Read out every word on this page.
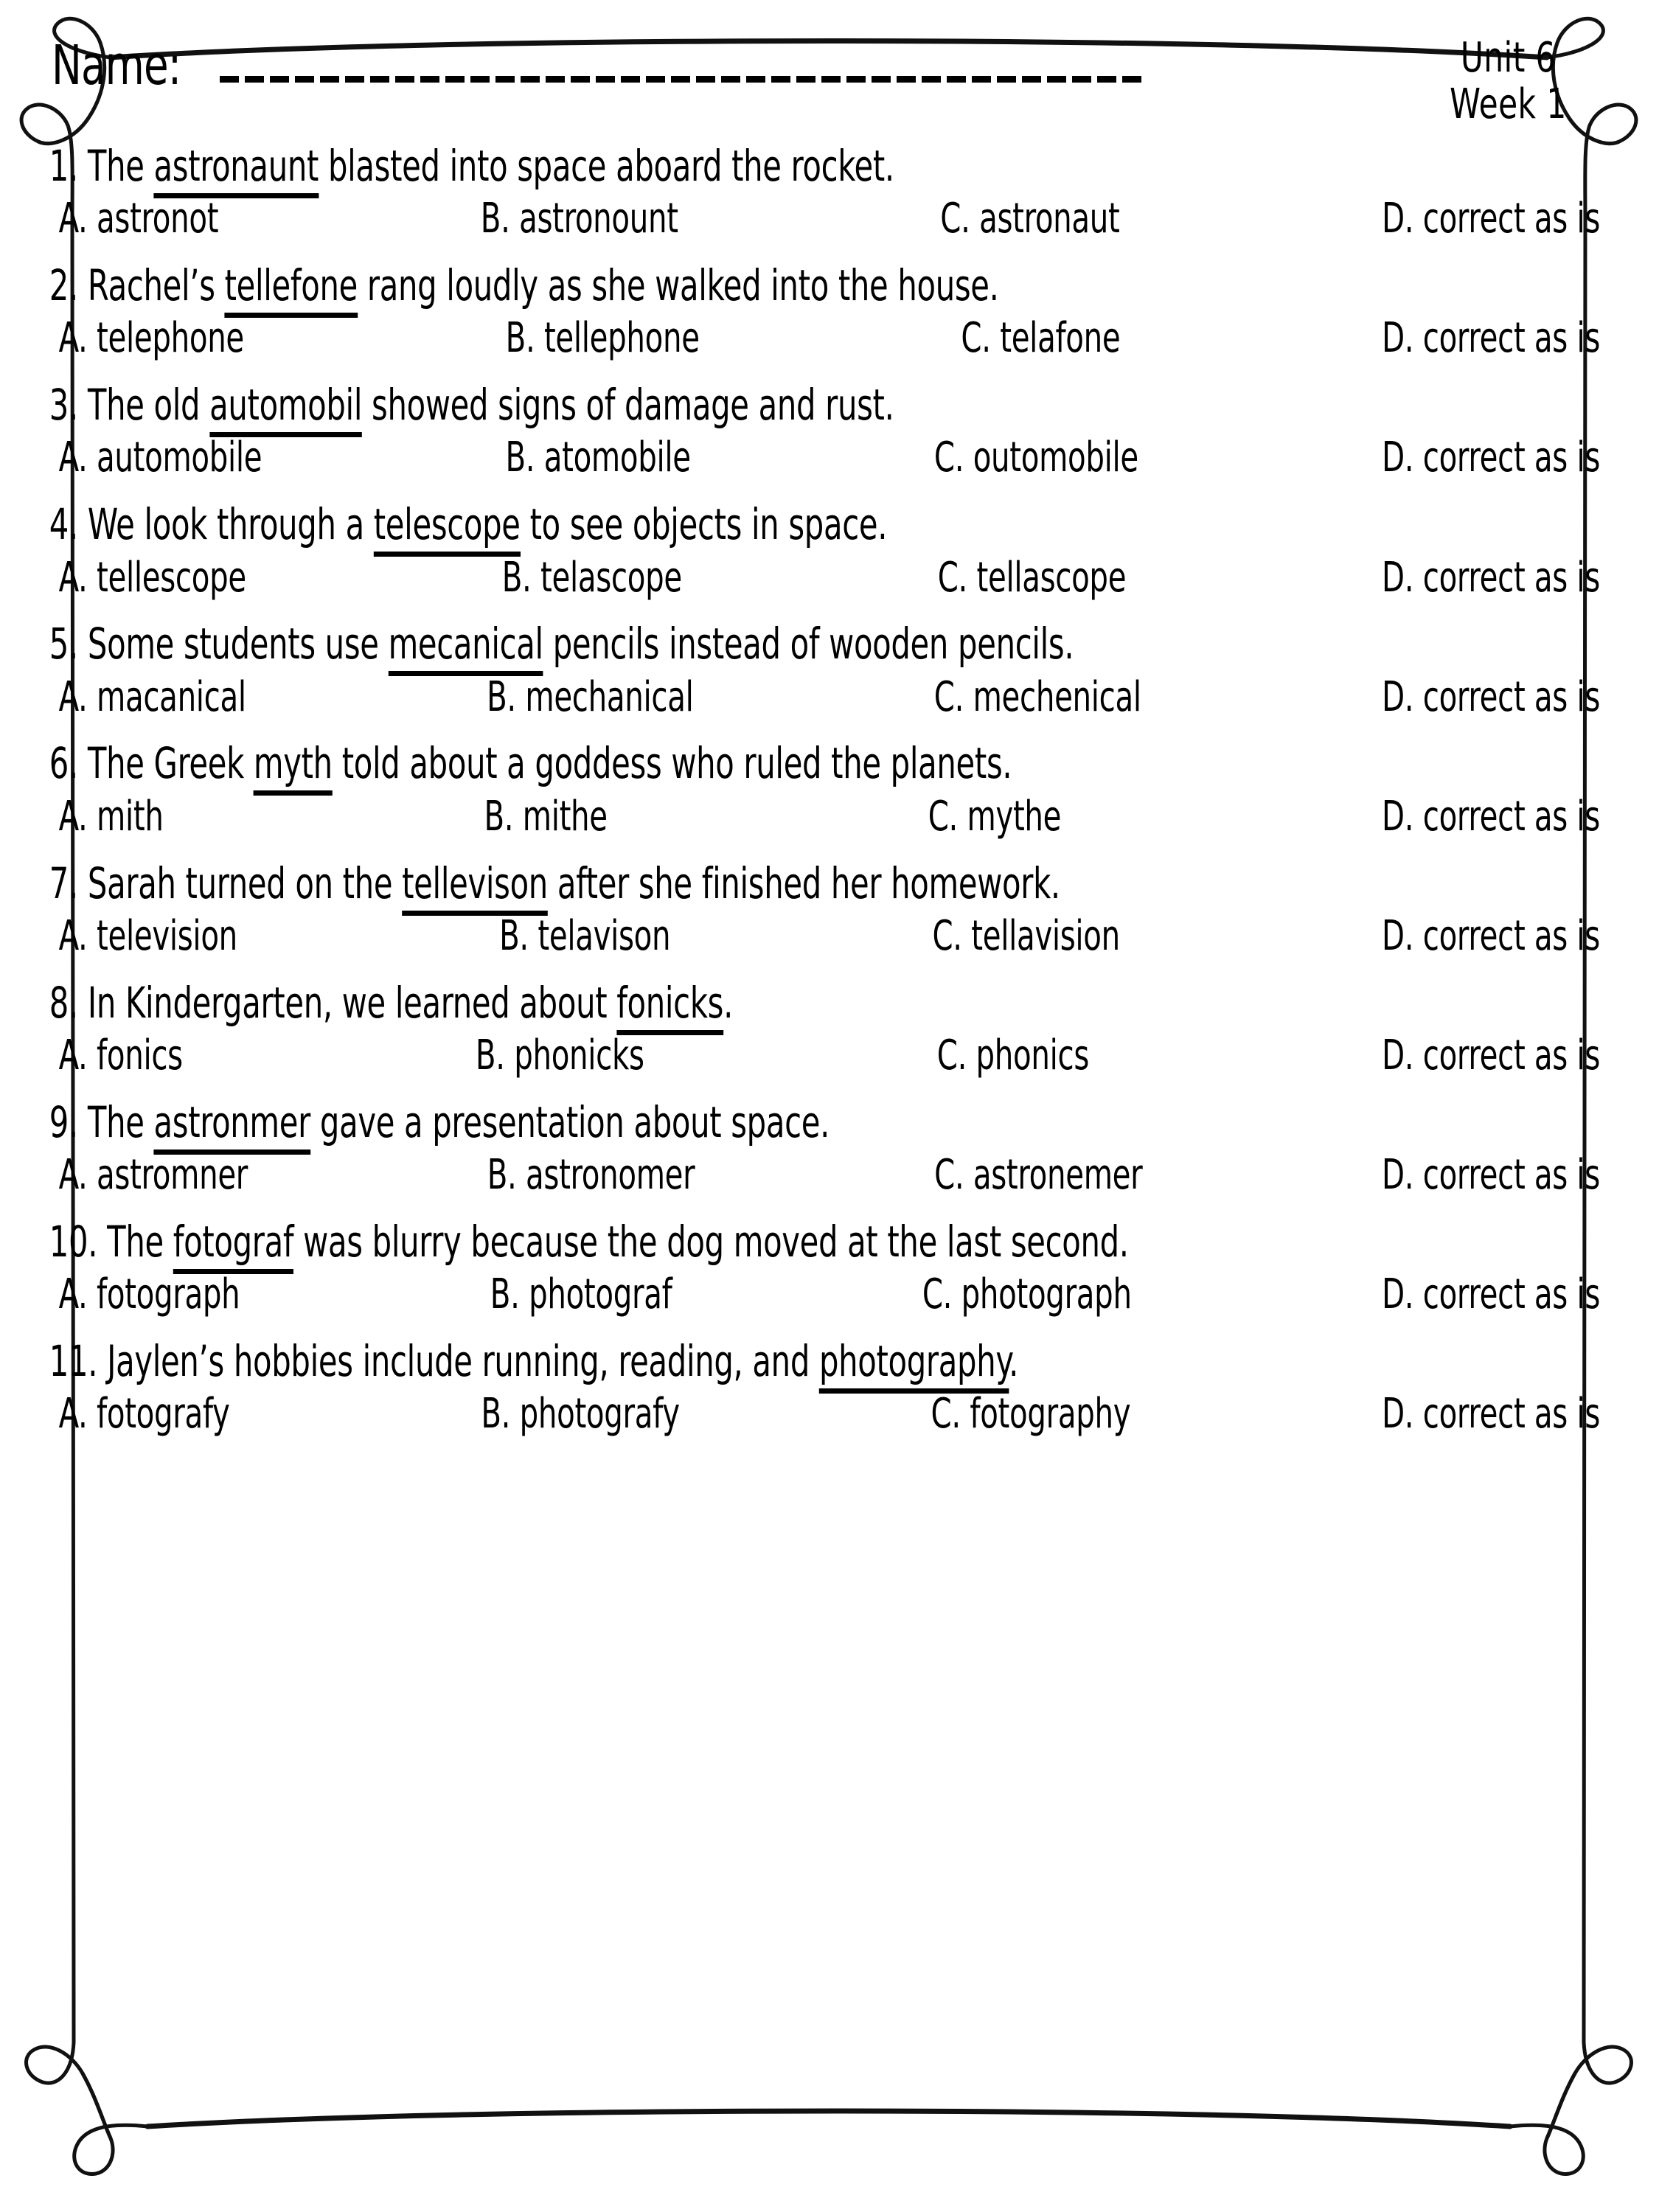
Name:	Unit 6
Week 1
1. The astronaunt blasted into space aboard the rocket.
A. astronot	B. astronount	C. astronaut	D. correct as is
2. Rachel’s tellefone rang loudly as she walked into the house.
A. telephone	B. tellephone	C. telafone	D. correct as is
3. The old automobil showed signs of damage and rust.
A. automobile	B. atomobile	C. outomobile	D. correct as is
4. We look through a telescope to see objects in space.
A. tellescope	B. telascope	C. tellascope	D. correct as is
5. Some students use mecanical pencils instead of wooden pencils.
A. macanical	B. mechanical	C. mechenical	D. correct as is
6. The Greek myth told about a goddess who ruled the planets.
A. mith	B. mithe	C. mythe	D. correct as is
7. Sarah turned on the tellevison after she finished her homework.
A. television	B. telavison	C. tellavision	D. correct as is
8. In Kindergarten, we learned about fonicks.
A. fonics	B. phonicks	C. phonics	D. correct as is
9. The astronmer gave a presentation about space.
A. astromner	B. astronomer	C. astronemer	D. correct as is
10. The fotograf was blurry because the dog moved at the last second.
A. fotograph	B. photograf	C. photograph	D. correct as is
11. Jaylen’s hobbies include running, reading, and photography.
A. fotografy	B. photografy	C. fotography	D. correct as is
